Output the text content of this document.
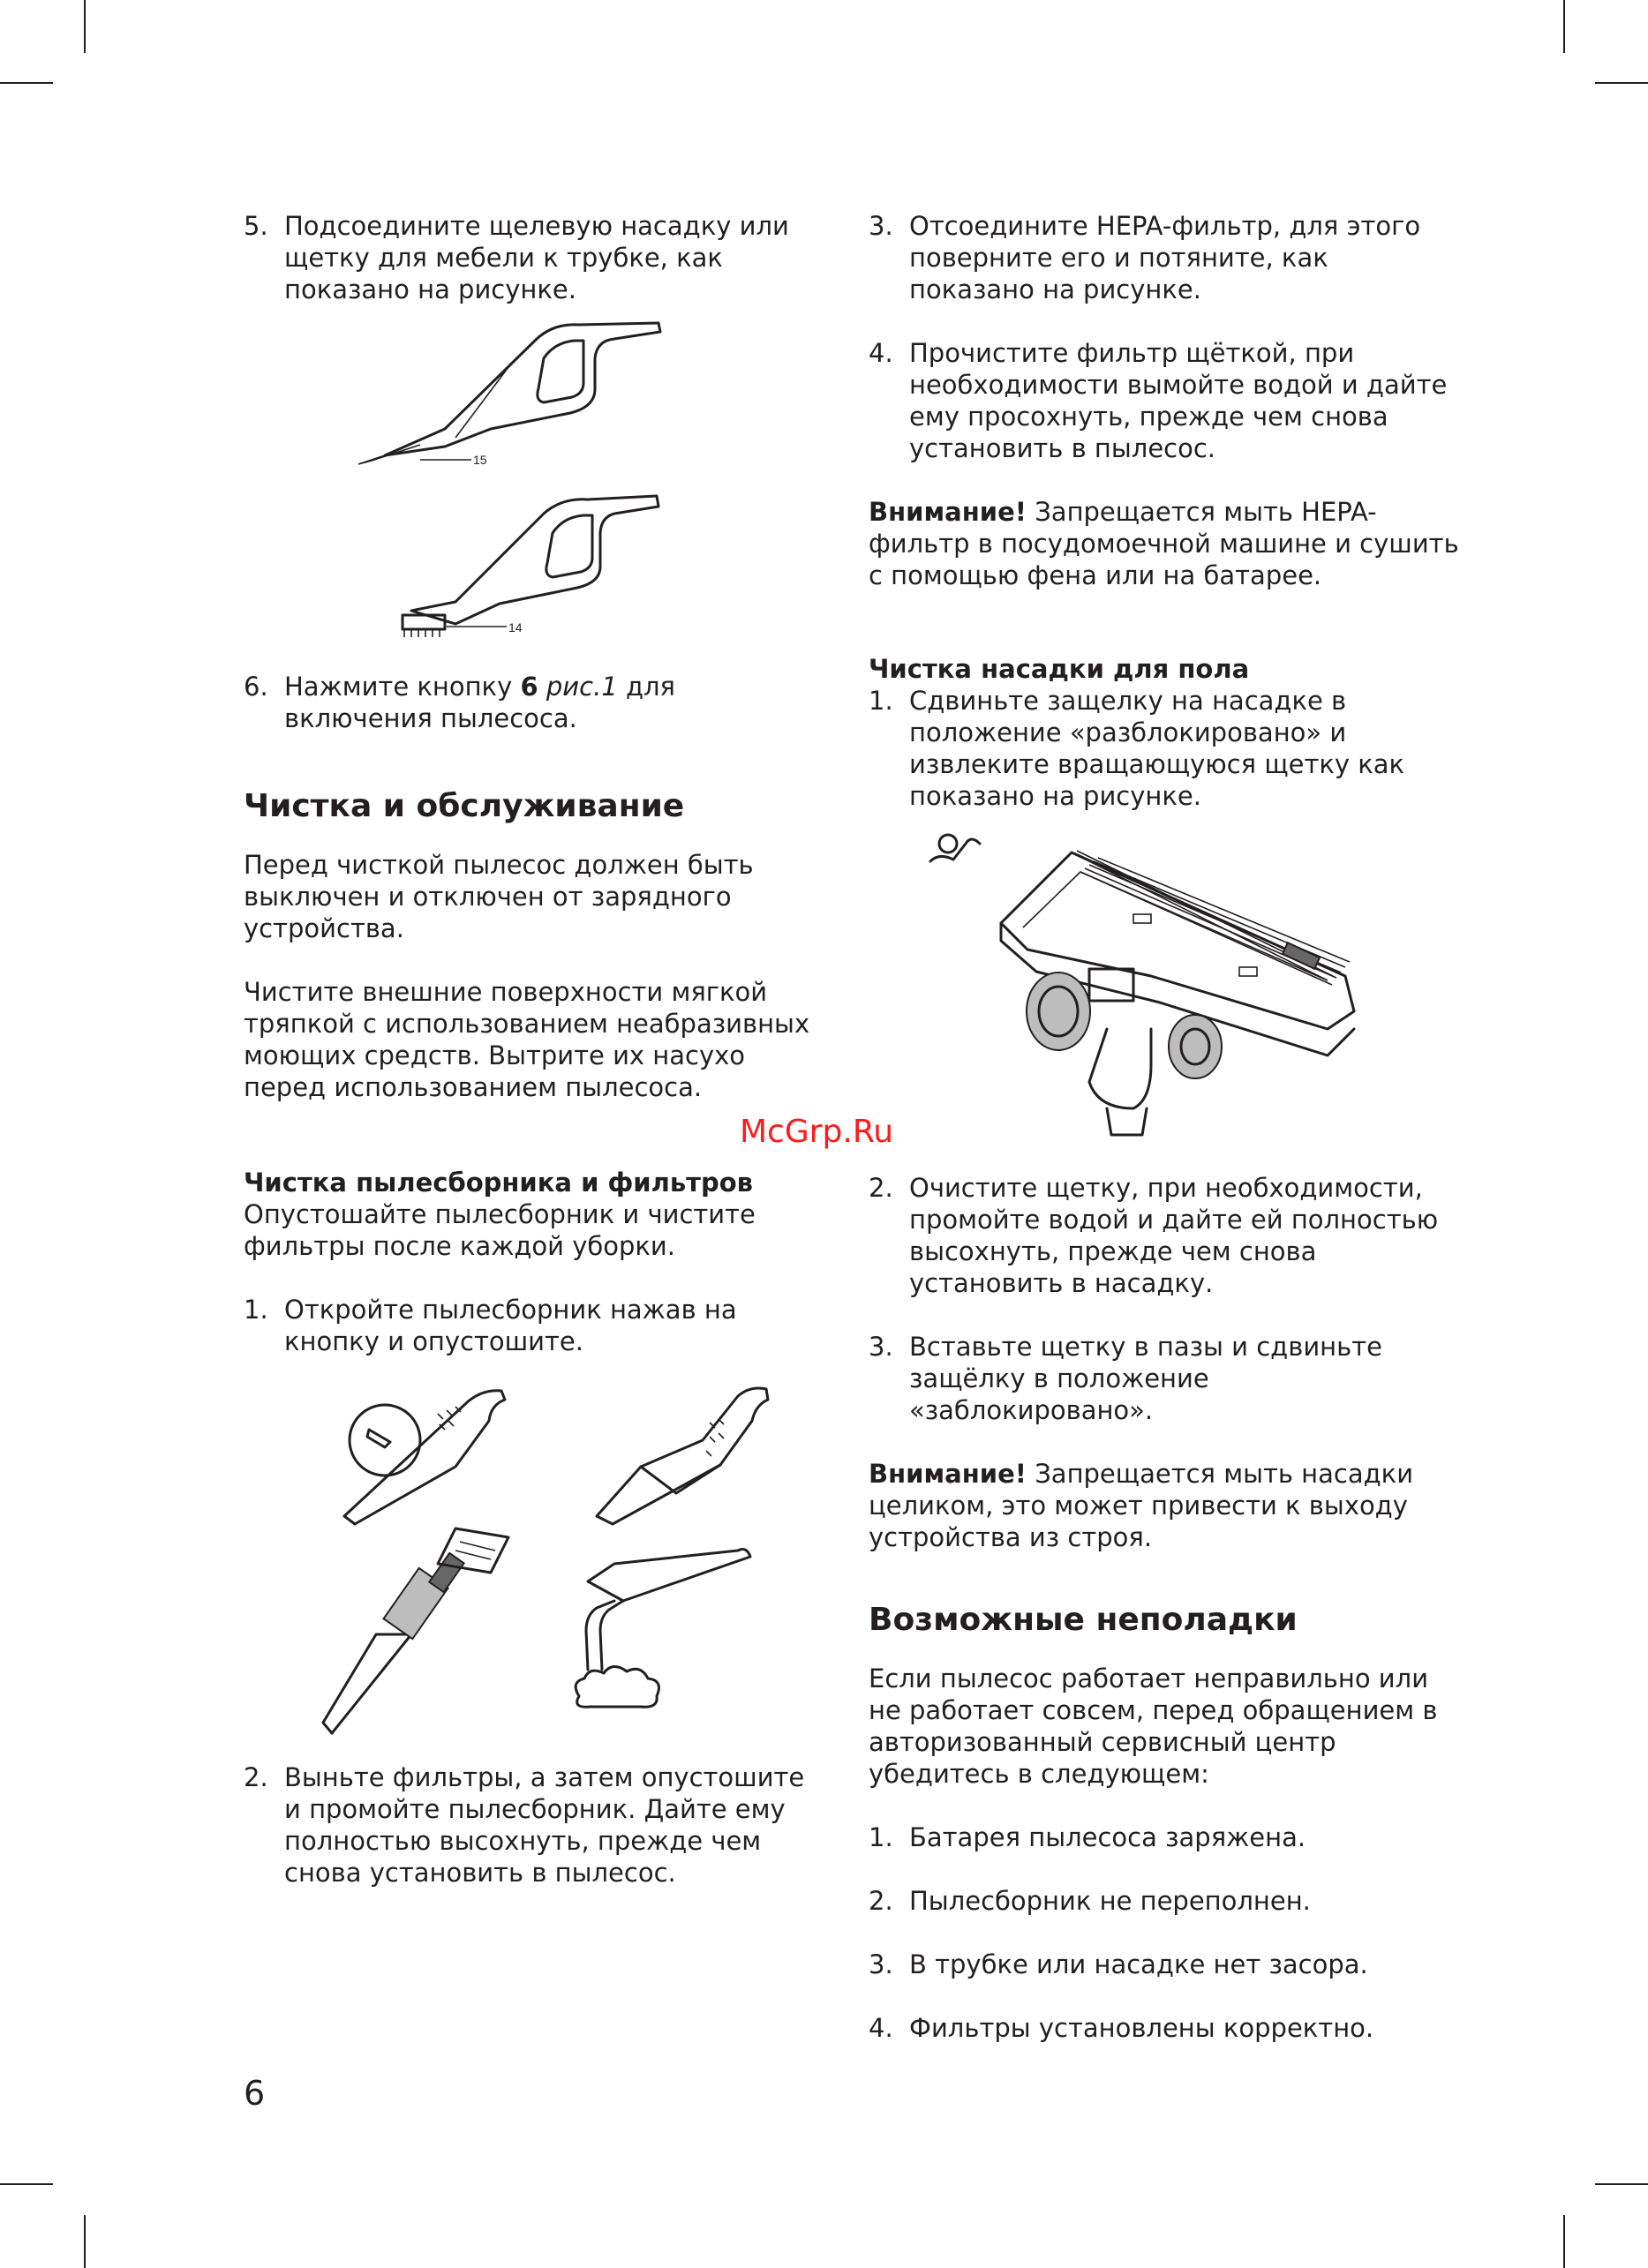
5. Подсоедините щелевую насадку или щетку для мебели к трубке, как показано на рисунке.
15
14
6. Нажмите кнопку 6 рис.1 для включения пылесоса.
Чистка и обслуживание

Перед чисткой пылесос должен быть выключен и отключен от зарядного устройства.

Чистите внешние поверхности мягкой тряпкой с использованием неабразивных моющих средств. Вытрите их насухо перед использованием пылесоса.

Чистка пылесборника и фильтров

Опустошайте пылесборник и чистите фильтры после каждой уборки.

1. Откройте пылесборник нажав на кнопку и опустошите.
2. Выньте фильтры, а затем опустошите и промойте пылесборник. Дайте ему полностью высохнуть, прежде чем снова установить в пылесос.
3. Отсоедините HEPA-фильтр, для этого поверните его и потяните, как показано на рисунке.
4. Прочистите фильтр щёткой, при необходимости вымойте водой и дайте ему просохнуть, прежде чем снова установить в пылесос.

Внимание! Запрещается мыть HEPA-фильтр в посудомоечной машине и сушить с помощью фена или на батарее.

Чистка насадки для пола

1. Сдвиньте защелку на насадке в положение «разблокировано» и извлеките вращающуюся щетку как показано на рисунке.
2. Очистите щетку, при необходимости, промойте водой и дайте ей полностью высохнуть, прежде чем снова установить в насадку.
3. Вставьте щетку в пазы и сдвиньте защёлку в положение «заблокировано».

Внимание! Запрещается мыть насадки целиком, это может привести к выходу устройства из строя.

Возможные неполадки

Если пылесос работает неправильно или не работает совсем, перед обращением в авторизованный сервисный центр убедитесь в следующем:

1. Батарея пылесоса заряжена.
2. Пылесборник не переполнен.
3. В трубке или насадке нет засора.
4. Фильтры установлены корректно.
McGrp.Ru
6
